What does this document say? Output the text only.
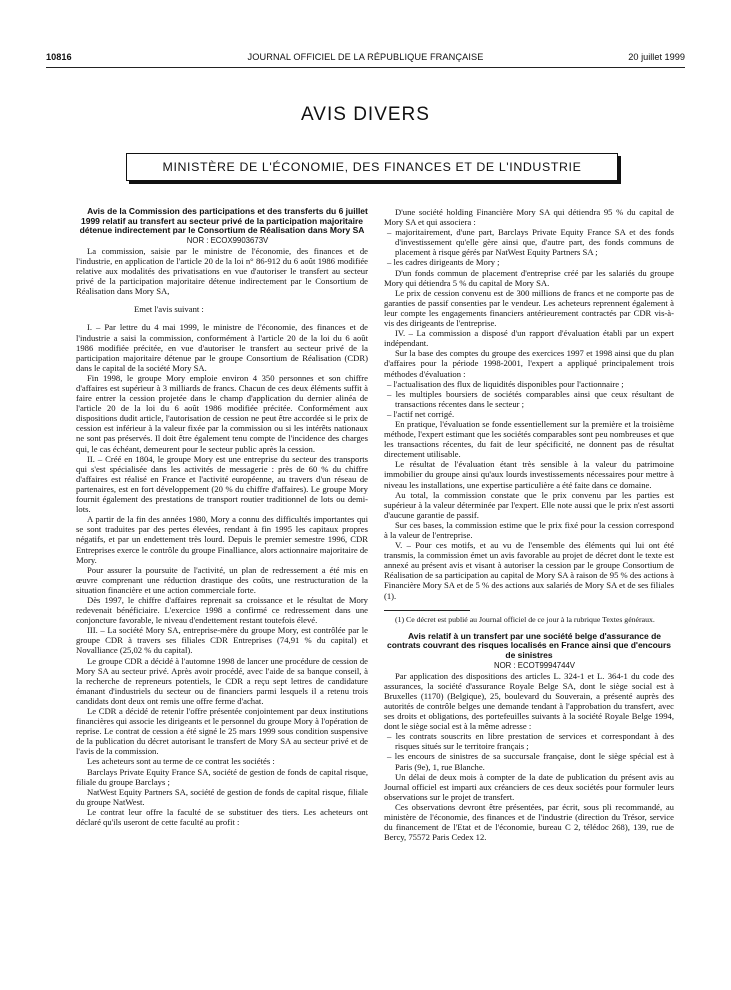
10816	JOURNAL OFFICIEL DE LA RÉPUBLIQUE FRANÇAISE	20 juillet 1999
AVIS DIVERS
MINISTÈRE DE L'ÉCONOMIE, DES FINANCES ET DE L'INDUSTRIE

Avis de la Commission des participations et des transferts du 6 juillet 1999 relatif au transfert au secteur privé de la participation majoritaire détenue indirectement par le Consortium de Réalisation dans Mory SA

NOR : ECOX9903673V

La commission, saisie par le ministre de l'économie, des finances et de l'industrie, en application de l'article 20 de la loi n° 86-912 du 6 août 1986 modifiée relative aux modalités des privatisations en vue d'autoriser le transfert au secteur privé de la participation majoritaire détenue indirectement par le Consortium de Réalisation dans Mory SA,

Emet l'avis suivant :

I. – Par lettre du 4 mai 1999, le ministre de l'économie, des finances et de l'industrie a saisi la commission, conformément à l'article 20 de la loi du 6 août 1986 modifiée précitée, en vue d'autoriser le transfert au secteur privé de la participation majoritaire détenue par le groupe Consortium de Réalisation (CDR) dans le capital de la société Mory SA.

Fin 1998, le groupe Mory emploie environ 4 350 personnes et son chiffre d'affaires est supérieur à 3 milliards de francs. Chacun de ces deux éléments suffit à faire entrer la cession projetée dans le champ d'application du dernier alinéa de l'article 20 de la loi du 6 août 1986 modifiée précitée. Conformément aux dispositions dudit article, l'autorisation de cession ne peut être accordée si le prix de cession est inférieur à la valeur fixée par la commission ou si les intérêts nationaux ne sont pas préservés. Il doit être également tenu compte de l'incidence des charges qui, le cas échéant, demeurent pour le secteur public après la cession.

II. – Créé en 1804, le groupe Mory est une entreprise du secteur des transports qui s'est spécialisée dans les activités de messagerie : près de 60 % du chiffre d'affaires est réalisé en France et l'activité européenne, au travers d'un réseau de partenaires, est en fort développement (20 % du chiffre d'affaires). Le groupe Mory fournit également des prestations de transport routier traditionnel de lots ou demi-lots.

A partir de la fin des années 1980, Mory a connu des difficultés importantes qui se sont traduites par des pertes élevées, rendant à fin 1995 les capitaux propres négatifs, et par un endettement très lourd. Depuis le premier semestre 1996, CDR Entreprises exerce le contrôle du groupe Finalliance, alors actionnaire majoritaire de Mory.

Pour assurer la poursuite de l'activité, un plan de redressement a été mis en œuvre comprenant une réduction drastique des coûts, une restructuration de la situation financière et une action commerciale forte.

Dès 1997, le chiffre d'affaires reprenait sa croissance et le résultat de Mory redevenait bénéficiaire. L'exercice 1998 a confirmé ce redressement dans une conjoncture favorable, le niveau d'endettement restant toutefois élevé.

III. – La société Mory SA, entreprise-mère du groupe Mory, est contrôlée par le groupe CDR à travers ses filiales CDR Entreprises (74,91 % du capital) et Novalliance (25,02 % du capital).

Le groupe CDR a décidé à l'automne 1998 de lancer une procédure de cession de Mory SA au secteur privé. Après avoir procédé, avec l'aide de sa banque conseil, à la recherche de repreneurs potentiels, le CDR a reçu sept lettres de candidature émanant d'industriels du secteur ou de financiers parmi lesquels il a retenu trois candidats dont deux ont remis une offre ferme d'achat.

Le CDR a décidé de retenir l'offre présentée conjointement par deux institutions financières qui associe les dirigeants et le personnel du groupe Mory à l'opération de reprise. Le contrat de cession a été signé le 25 mars 1999 sous condition suspensive de la publication du décret autorisant le transfert de Mory SA au secteur privé et de l'avis de la commission.

Les acheteurs sont au terme de ce contrat les sociétés :

Barclays Private Equity France SA, société de gestion de fonds de capital risque, filiale du groupe Barclays ;

NatWest Equity Partners SA, société de gestion de fonds de capital risque, filiale du groupe NatWest.

Le contrat leur offre la faculté de se substituer des tiers. Les acheteurs ont déclaré qu'ils useront de cette faculté au profit :

D'une société holding Financière Mory SA qui détiendra 95 % du capital de Mory SA et qui associera :

– majoritairement, d'une part, Barclays Private Equity France SA et des fonds d'investissement qu'elle gère ainsi que, d'autre part, des fonds communs de placement à risque gérés par NatWest Equity Partners SA ;

– les cadres dirigeants de Mory ;

D'un fonds commun de placement d'entreprise créé par les salariés du groupe Mory qui détiendra 5 % du capital de Mory SA.

Le prix de cession convenu est de 300 millions de francs et ne comporte pas de garanties de passif consenties par le vendeur. Les acheteurs reprennent également à leur compte les engagements financiers antérieurement contractés par CDR vis-à-vis des dirigeants de l'entreprise.

IV. – La commission a disposé d'un rapport d'évaluation établi par un expert indépendant.

Sur la base des comptes du groupe des exercices 1997 et 1998 ainsi que du plan d'affaires pour la période 1998-2001, l'expert a appliqué principalement trois méthodes d'évaluation :

– l'actualisation des flux de liquidités disponibles pour l'actionnaire ;

– les multiples boursiers de sociétés comparables ainsi que ceux résultant de transactions récentes dans le secteur ;

– l'actif net corrigé.

En pratique, l'évaluation se fonde essentiellement sur la première et la troisième méthode, l'expert estimant que les sociétés comparables sont peu nombreuses et que les transactions récentes, du fait de leur spécificité, ne donnent pas de résultat directement utilisable.

Le résultat de l'évaluation étant très sensible à la valeur du patrimoine immobilier du groupe ainsi qu'aux lourds investissements nécessaires pour mettre à niveau les installations, une expertise particulière a été faite dans ce domaine.

Au total, la commission constate que le prix convenu par les parties est supérieur à la valeur déterminée par l'expert. Elle note aussi que le prix n'est assorti d'aucune garantie de passif.

Sur ces bases, la commission estime que le prix fixé pour la cession correspond à la valeur de l'entreprise.

V. – Pour ces motifs, et au vu de l'ensemble des éléments qui lui ont été transmis, la commission émet un avis favorable au projet de décret dont le texte est annexé au présent avis et visant à autoriser la cession par le groupe Consortium de Réalisation de sa participation au capital de Mory SA à raison de 95 % des actions à Financière Mory SA et de 5 % des actions aux salariés de Mory SA et de ses filiales (1).

(1) Ce décret est publié au Journal officiel de ce jour à la rubrique Textes généraux.

Avis relatif à un transfert par une société belge d'assurance de contrats couvrant des risques localisés en France ainsi que d'encours de sinistres

NOR : ECOT9994744V

Par application des dispositions des articles L. 324-1 et L. 364-1 du code des assurances, la société d'assurance Royale Belge SA, dont le siège social est à Bruxelles (1170) (Belgique), 25, boulevard du Souverain, a présenté auprès des autorités de contrôle belges une demande tendant à l'approbation du transfert, avec ses droits et obligations, des portefeuilles suivants à la société Royale Belge 1994, dont le siège social est à la même adresse :

– les contrats souscrits en libre prestation de services et correspondant à des risques situés sur le territoire français ;

– les encours de sinistres de sa succursale française, dont le siège spécial est à Paris (9e), 1, rue Blanche.

Un délai de deux mois à compter de la date de publication du présent avis au Journal officiel est imparti aux créanciers de ces deux sociétés pour formuler leurs observations sur le projet de transfert.

Ces observations devront être présentées, par écrit, sous pli recommandé, au ministère de l'économie, des finances et de l'industrie (direction du Trésor, service du financement de l'Etat et de l'économie, bureau C 2, télédoc 268), 139, rue de Bercy, 75572 Paris Cedex 12.
